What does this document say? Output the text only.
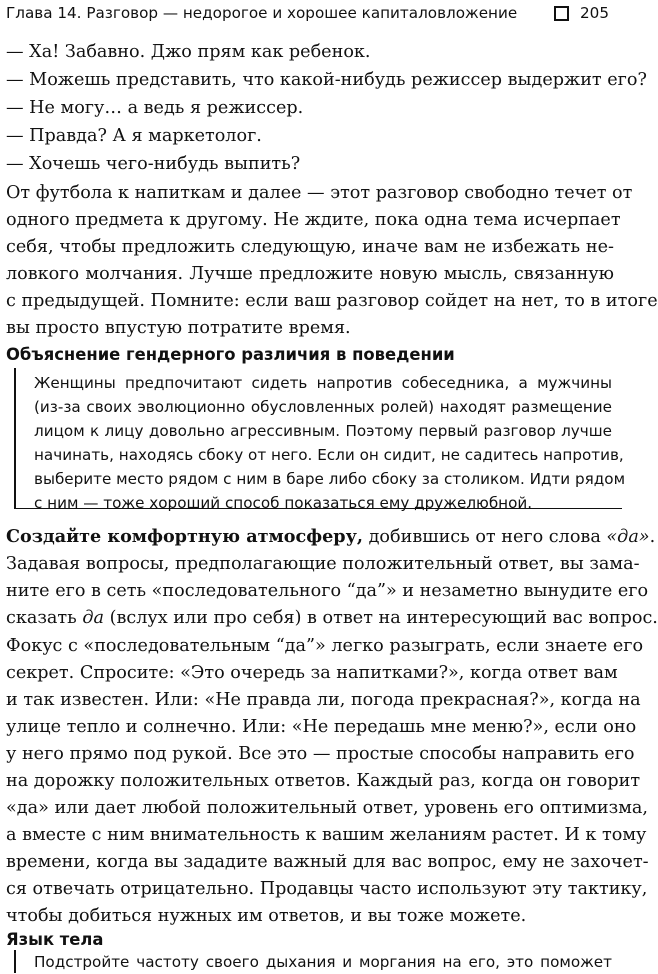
Глава 14. Разговор — недорогое и хорошее капиталовложение	205
— Ха! Забавно. Джо прям как ребенок.
— Можешь представить, что какой-нибудь режиссер выдержит его?
— Не могу… а ведь я режиссер.
— Правда? А я маркетолог.
— Хочешь чего-нибудь выпить?
От футбола к напиткам и далее — этот разговор свободно течет от
одного предмета к другому. Не ждите, пока одна тема исчерпает
себя, чтобы предложить следующую, иначе вам не избежать не-
ловкого молчания. Лучше предложите новую мысль, связанную
с предыдущей. Помните: если ваш разговор сойдет на нет, то в итоге
вы просто впустую потратите время.
Объяснение гендерного различия в поведении
Женщины предпочитают сидеть напротив собеседника, а мужчины
(из-за своих эволюционно обусловленных ролей) находят размещение
лицом к лицу довольно агрессивным. Поэтому первый разговор лучше
начинать, находясь сбоку от него. Если он сидит, не садитесь напротив,
выберите место рядом с ним в баре либо сбоку за столиком. Идти рядом
с ним — тоже хороший способ показаться ему дружелюбной.
Создайте комфортную атмосферу, добившись от него слова «да».
Задавая вопросы, предполагающие положительный ответ, вы зама-
ните его в сеть «последовательного “да”» и незаметно вынудите его
сказать да (вслух или про себя) в ответ на интересующий вас вопрос.
Фокус с «последовательным “да”» легко разыграть, если знаете его
секрет. Спросите: «Это очередь за напитками?», когда ответ вам
и так известен. Или: «Не правда ли, погода прекрасная?», когда на
улице тепло и солнечно. Или: «Не передашь мне меню?», если оно
у него прямо под рукой. Все это — простые способы направить его
на дорожку положительных ответов. Каждый раз, когда он говорит
«да» или дает любой положительный ответ, уровень его оптимизма,
а вместе с ним внимательность к вашим желаниям растет. И к тому
времени, когда вы зададите важный для вас вопрос, ему не захочет-
ся отвечать отрицательно. Продавцы часто используют эту тактику,
чтобы добиться нужных им ответов, и вы тоже можете.
Язык тела
Подстройте частоту своего дыхания и моргания на его, это поможет
